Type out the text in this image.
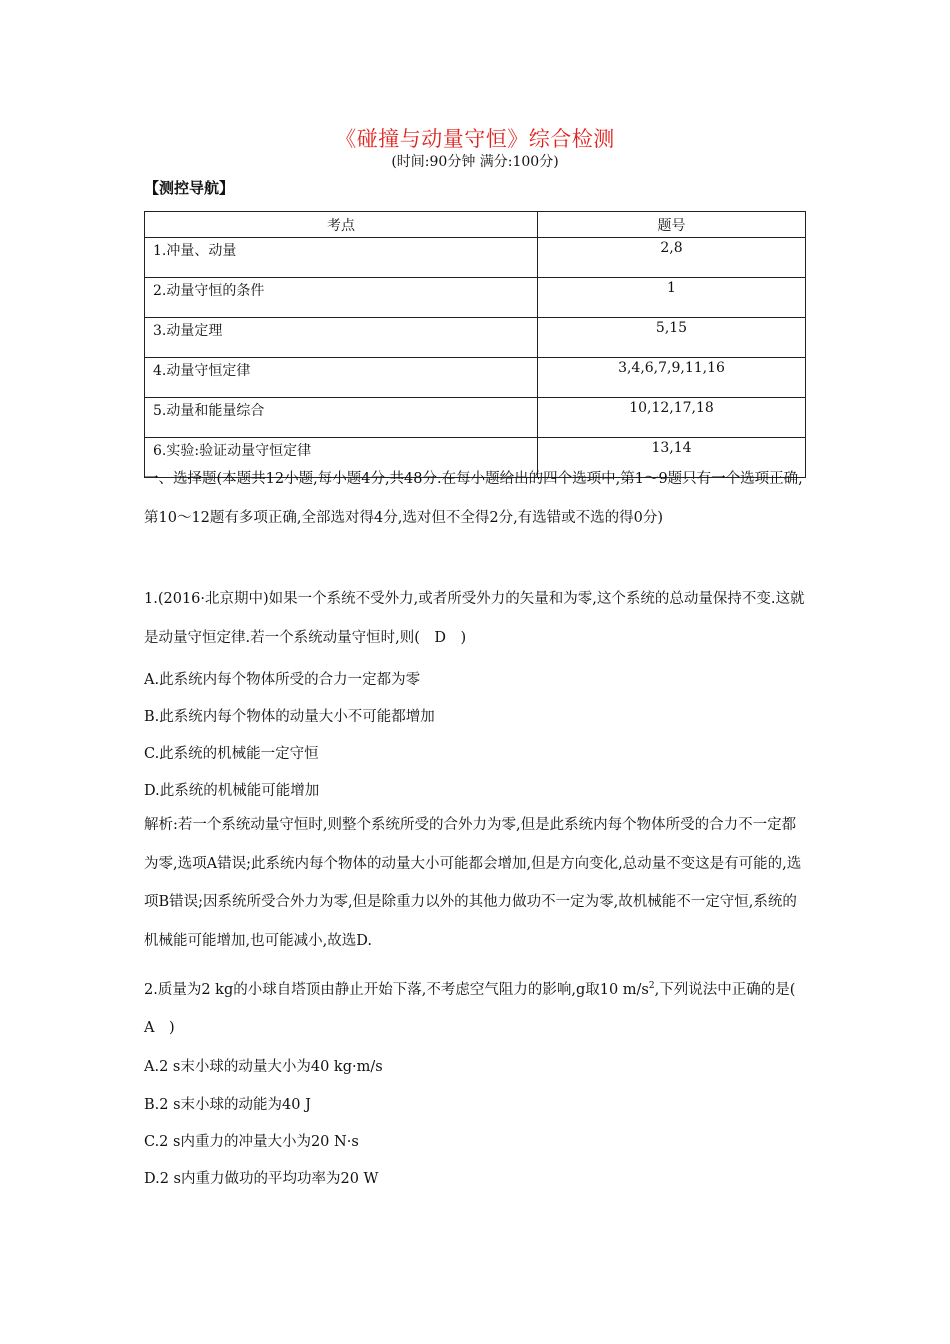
《碰撞与动量守恒》综合检测
(时间:90分钟 满分:100分)
【测控导航】
考点	题号
1.冲量、动量	2,8
2.动量守恒的条件	1
3.动量定理	5,15
4.动量守恒定律	3,4,6,7,9,11,16
5.动量和能量综合	10,12,17,18
6.实验:验证动量守恒定律	13,14
一、选择题(本题共12小题,每小题4分,共48分.在每小题给出的四个选项中,第1～9题只有一个选项正确,第10～12题有多项正确,全部选对得4分,选对但不全得2分,有选错或不选的得0分)
1.(2016·北京期中)如果一个系统不受外力,或者所受外力的矢量和为零,这个系统的总动量保持不变.这就是动量守恒定律.若一个系统动量守恒时,则(　D　)
A.此系统内每个物体所受的合力一定都为零
B.此系统内每个物体的动量大小不可能都增加
C.此系统的机械能一定守恒
D.此系统的机械能可能增加
解析:若一个系统动量守恒时,则整个系统所受的合外力为零,但是此系统内每个物体所受的合力不一定都为零,选项A错误;此系统内每个物体的动量大小可能都会增加,但是方向变化,总动量不变这是有可能的,选项B错误;因系统所受合外力为零,但是除重力以外的其他力做功不一定为零,故机械能不一定守恒,系统的机械能可能增加,也可能减小,故选D.
2.质量为2 kg的小球自塔顶由静止开始下落,不考虑空气阻力的影响,g取10 $m/s^2$,下列说法中正确的是(　A　)
A.2 s末小球的动量大小为40 kg·m/s
B.2 s末小球的动能为40 J
C.2 s内重力的冲量大小为20 N·s
D.2 s内重力做功的平均功率为20 W
